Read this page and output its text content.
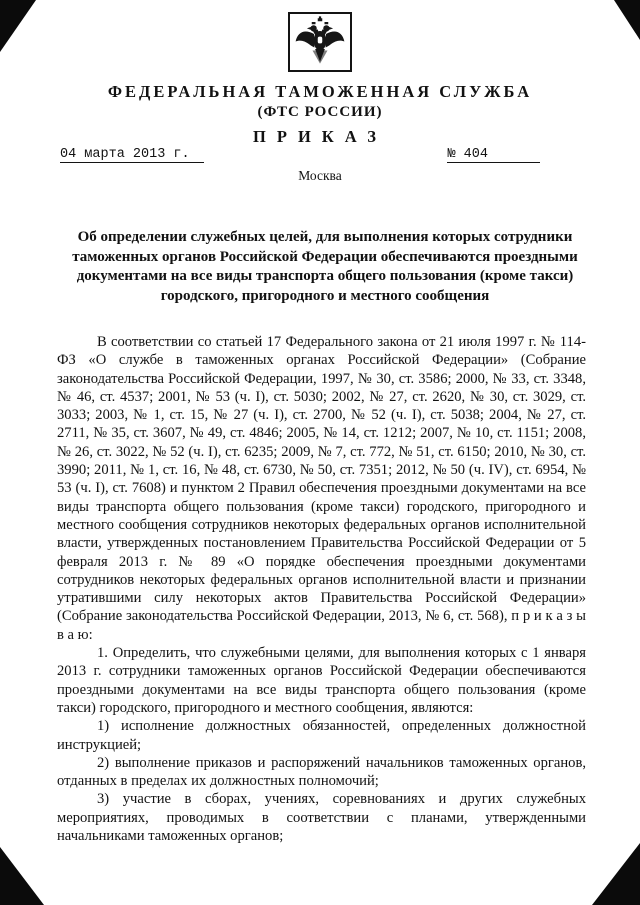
ФЕДЕРАЛЬНАЯ ТАМОЖЕННАЯ СЛУЖБА
(ФТС РОССИИ)
ПРИКАЗ
04 марта 2013 г.	№ 404
Москва
Об определении служебных целей, для выполнения которых сотрудники таможенных органов Российской Федерации обеспечиваются проездными документами на все виды транспорта общего пользования (кроме такси) городского, пригородного и местного сообщения

В соответствии со статьей 17 Федерального закона от 21 июля 1997 г. № 114-ФЗ «О службе в таможенных органах Российской Федерации» (Собрание законодательства Российской Федерации, 1997, № 30, ст. 3586; 2000, № 33, ст. 3348, № 46, ст. 4537; 2001, № 53 (ч. I), ст. 5030; 2002, № 27, ст. 2620, № 30, ст. 3029, ст. 3033; 2003, № 1, ст. 15, № 27 (ч. I), ст. 2700, № 52 (ч. I), ст. 5038; 2004, № 27, ст. 2711, № 35, ст. 3607, № 49, ст. 4846; 2005, № 14, ст. 1212; 2007, № 10, ст. 1151; 2008, № 26, ст. 3022, № 52 (ч. I), ст. 6235; 2009, № 7, ст. 772, № 51, ст. 6150; 2010, № 30, ст. 3990; 2011, № 1, ст. 16, № 48, ст. 6730, № 50, ст. 7351; 2012, № 50 (ч. IV), ст. 6954, № 53 (ч. I), ст. 7608) и пунктом 2 Правил обеспечения проездными документами на все виды транспорта общего пользования (кроме такси) городского, пригородного и местного сообщения сотрудников некоторых федеральных органов исполнительной власти, утвержденных постановлением Правительства Российской Федерации от 5 февраля 2013 г. № 89 «О порядке обеспечения проездными документами сотрудников некоторых федеральных органов исполнительной власти и признании утратившими силу некоторых актов Правительства Российской Федерации» (Собрание законодательства Российской Федерации, 2013, № 6, ст. 568), п р и к а з ы в а ю:

1. Определить, что служебными целями, для выполнения которых с 1 января 2013 г. сотрудники таможенных органов Российской Федерации обеспечиваются проездными документами на все виды транспорта общего пользования (кроме такси) городского, пригородного и местного сообщения, являются:

1) исполнение должностных обязанностей, определенных должностной инструкцией;

2) выполнение приказов и распоряжений начальников таможенных органов, отданных в пределах их должностных полномочий;

3) участие в сборах, учениях, соревнованиях и других служебных мероприятиях, проводимых в соответствии с планами, утвержденными начальниками таможенных органов;
